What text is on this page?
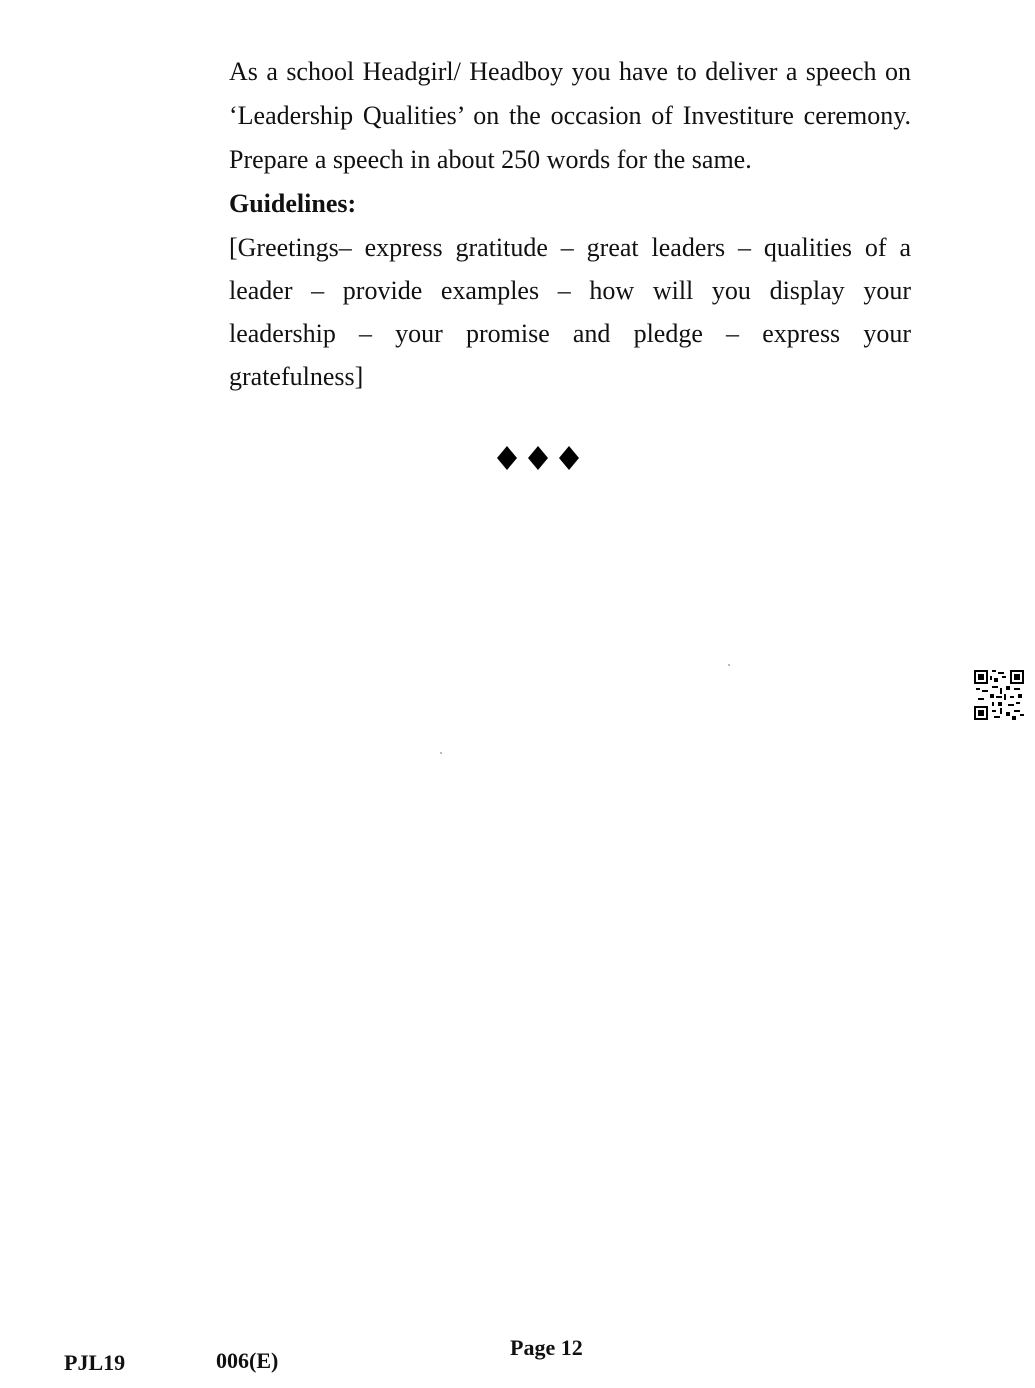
As a school Headgirl/ Headboy you have to deliver a speech on ‘Leadership Qualities’ on the occasion of Investiture ceremony. Prepare a speech in about 250 words for the same.

Guidelines:

[Greetings– express gratitude – great leaders – qualities of a leader – provide examples – how will you display your leadership – your promise and pledge – express your gratefulness]

PJL19	006(E)
Page 12
